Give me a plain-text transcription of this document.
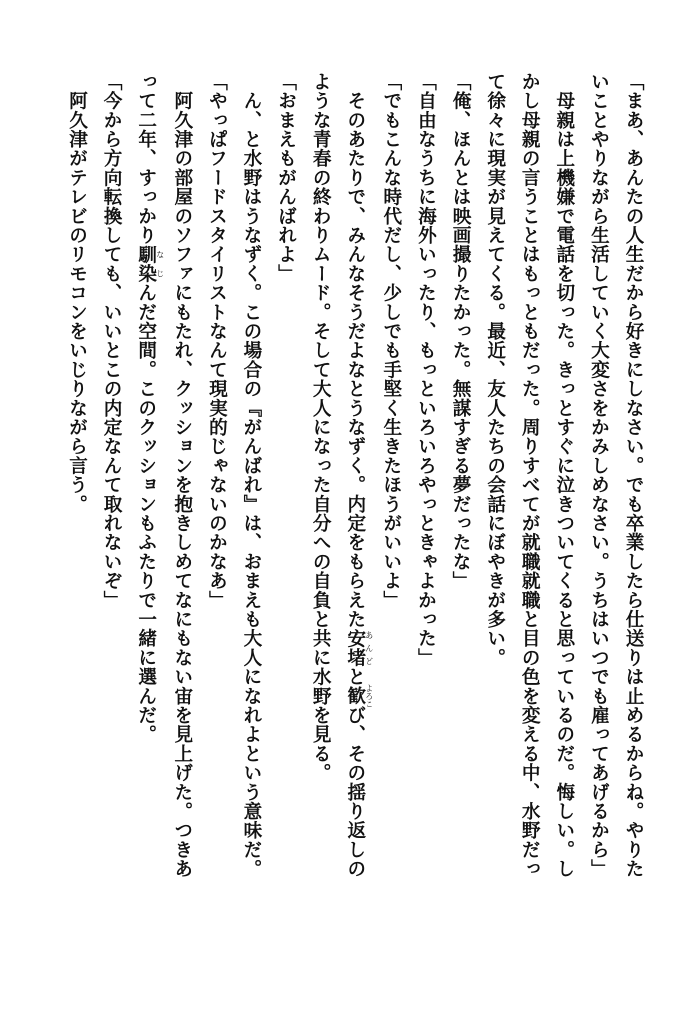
「まあ、あんたの人生だから好きにしなさい。でも卒業したら仕送りは止めるからね。やりた
いことやりながら生活していく大変さをかみしめなさい。うちはいつでも雇ってあげるから」
　母親は上機嫌で電話を切った。きっとすぐに泣きついてくると思っているのだ。悔しい。し
かし母親の言うことはもっともだった。周りすべてが就職就職と目の色を変える中、水野だっ
て徐々に現実が見えてくる。最近、友人たちの会話にぼやきが多い。
「俺、ほんとは映画撮りたかった。無謀すぎる夢だったな」
「自由なうちに海外いったり、もっといろいろやっときゃよかった」
「でもこんな時代だし、少しでも手堅く生きたほうがいいよ」
　そのあたりで、みんなそうだよなとうなずく。内定をもらえた安堵 あんどと歓 よろこび、その揺り返しの
ような青春の終わりムード。そして大人になった自分への自負と共に水野を見る。
「おまえもがんばれよ」
　ん、と水野はうなずく。この場合の『がんばれ』は、おまえも大人になれよという意味だ。
「やっぱフードスタイリストなんて現実的じゃないのかなあ」
　阿久津の部屋のソファにもたれ、クッションを抱きしめてなにもない宙を見上げた。つきあ
って二年、すっかり馴染 なじんだ空間。このクッションもふたりで一緒に選んだ。
「今から方向転換しても、いいとこの内定なんて取れないぞ」
　阿久津がテレビのリモコンをいじりながら言う。
